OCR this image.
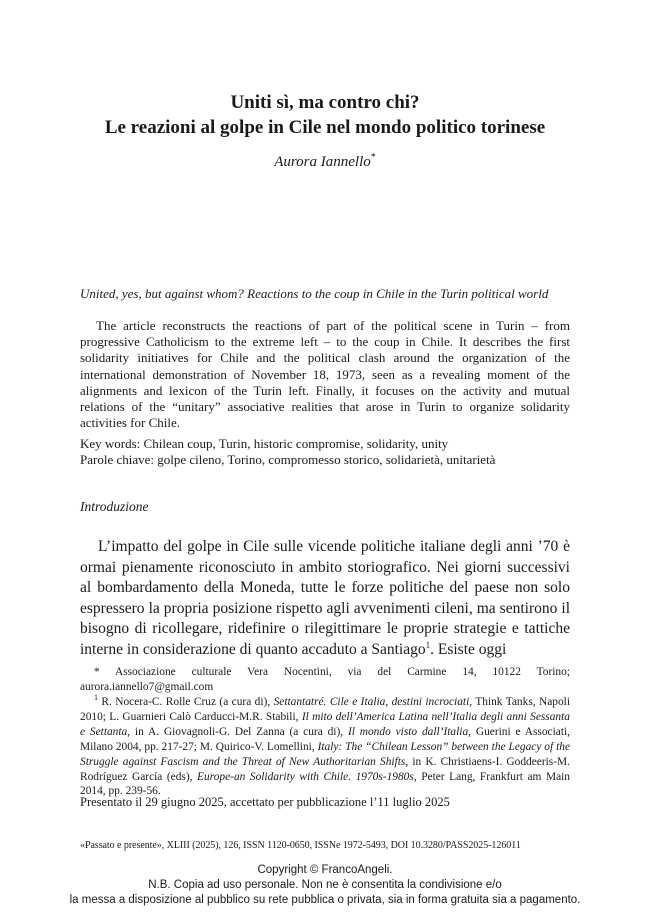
Uniti sì, ma contro chi?
Le reazioni al golpe in Cile nel mondo politico torinese
Aurora Iannello*
United, yes, but against whom? Reactions to the coup in Chile in the Turin political world
The article reconstructs the reactions of part of the political scene in Turin – from progressive Catholicism to the extreme left – to the coup in Chile. It describes the first solidarity initiatives for Chile and the political clash around the organization of the international demonstration of November 18, 1973, seen as a revealing moment of the alignments and lexicon of the Turin left. Finally, it focuses on the activity and mutual relations of the “unitary” associative realities that arose in Turin to organize solidarity activities for Chile.
Key words: Chilean coup, Turin, historic compromise, solidarity, unity
Parole chiave: golpe cileno, Torino, compromesso storico, solidarietà, unitarietà
Introduzione
L’impatto del golpe in Cile sulle vicende politiche italiane degli anni ’70 è ormai pienamente riconosciuto in ambito storiografico. Nei giorni successivi al bombardamento della Moneda, tutte le forze politiche del paese non solo espressero la propria posizione rispetto agli avvenimenti cileni, ma sentirono il bisogno di ricollegare, ridefinire o rilegittimare le proprie strategie e tattiche interne in considerazione di quanto accaduto a Santiago$^1$. Esiste oggi
* Associazione culturale Vera Nocentini, via del Carmine 14, 10122 Torino; aurora.iannello7@gmail.com
$^1$ R. Nocera-C. Rolle Cruz (a cura di), Settantatré. Cile e Italia, destini incrociati, Think Tanks, Napoli 2010; L. Guarnieri Calò Carducci-M.R. Stabili, Il mito dell’America Latina nell’Italia degli anni Sessanta e Settanta, in A. Giovagnoli-G. Del Zanna (a cura di), Il mondo visto dall’Italia, Guerini e Associati, Milano 2004, pp. 217-27; M. Quirico-V. Lomellini, Italy: The “Chilean Lesson” between the Legacy of the Struggle against Fascism and the Threat of New Authoritarian Shifts, in K. Christiaens-I. Goddeeris-M. Rodríguez García (eds), Europe-an Solidarity with Chile. 1970s-1980s, Peter Lang, Frankfurt am Main 2014, pp. 239-56.
Presentato il 29 giugno 2025, accettato per pubblicazione l’11 luglio 2025
«Passato e presente», XLIII (2025), 126, ISSN 1120-0650, ISSNe 1972-5493, DOI 10.3280/PASS2025-126011
Copyright © FrancoAngeli.
N.B. Copia ad uso personale. Non ne è consentita la condivisione e/o
la messa a disposizione al pubblico su rete pubblica o privata, sia in forma gratuita sia a pagamento.
